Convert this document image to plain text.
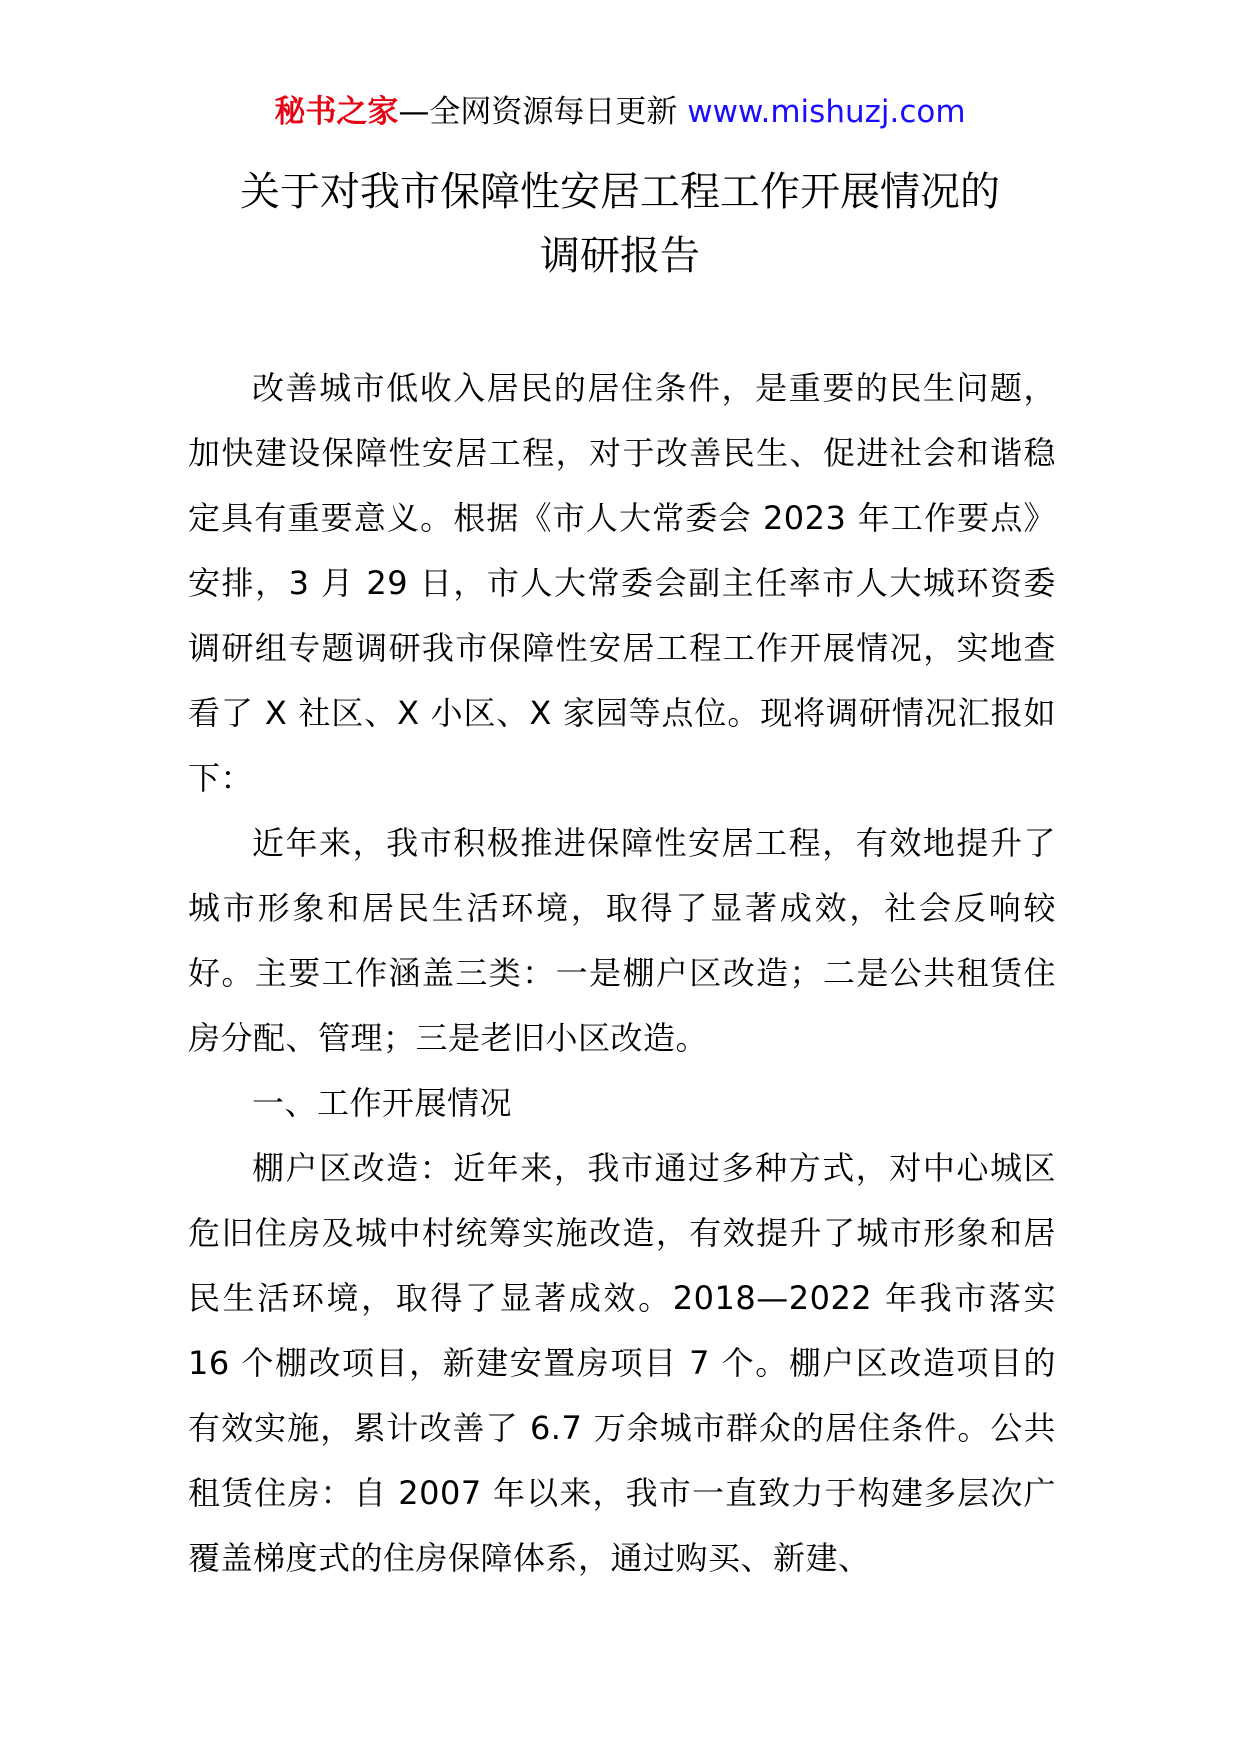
秘书之家—全网资源每日更新 www.mishuzj.com
关于对我市保障性安居工程工作开展情况的
调研报告

改善城市低收入居民的居住条件，是重要的民生问题，加快建设保障性安居工程，对于改善民生、促进社会和谐稳定具有重要意义。根据《市人大常委会 2023 年工作要点》安排，3 月 29 日，市人大常委会副主任率市人大城环资委调研组专题调研我市保障性安居工程工作开展情况，实地查看了 X 社区、X 小区、X 家园等点位。现将调研情况汇报如下：

近年来，我市积极推进保障性安居工程，有效地提升了城市形象和居民生活环境，取得了显著成效，社会反响较好。主要工作涵盖三类：一是棚户区改造；二是公共租赁住房分配、管理；三是老旧小区改造。

一、工作开展情况

棚户区改造：近年来，我市通过多种方式，对中心城区危旧住房及城中村统筹实施改造，有效提升了城市形象和居民生活环境，取得了显著成效。2018—2022 年我市落实 16 个棚改项目，新建安置房项目 7 个。棚户区改造项目的有效实施，累计改善了 6.7 万余城市群众的居住条件。公共租赁住房：自 2007 年以来，我市一直致力于构建多层次广覆盖梯度式的住房保障体系，通过购买、新建、
